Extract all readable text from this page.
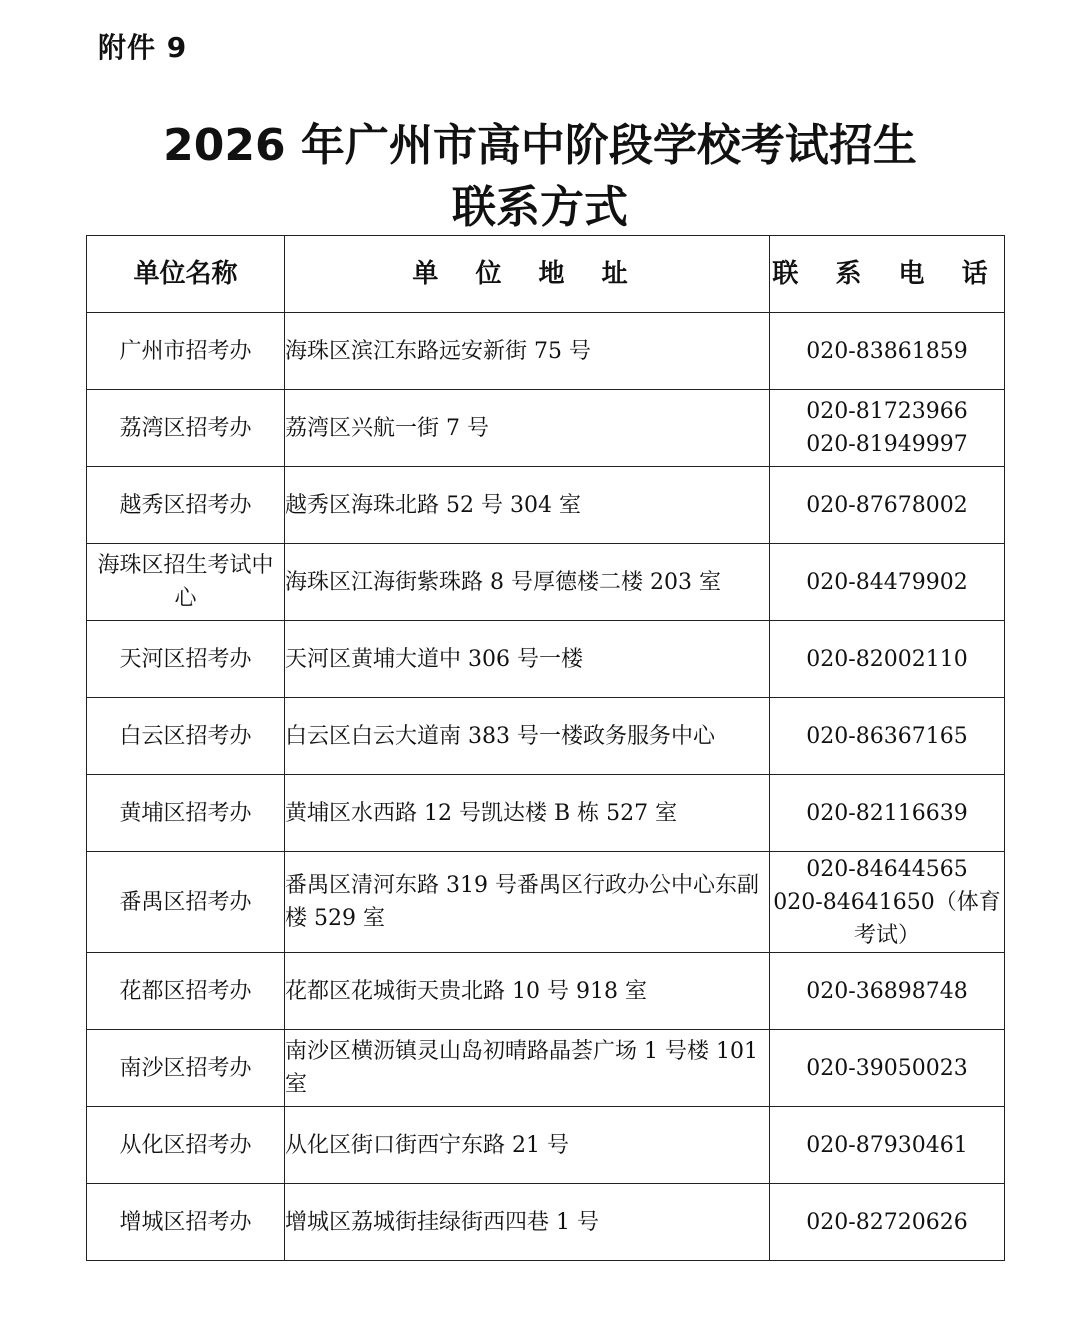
附件 9
2026 年广州市高中阶段学校考试招生
联系方式
单位名称	单 位 地 址	联 系 电 话
广州市招考办	海珠区滨江东路远安新街 75 号	020-83861859

荔湾区招考办	荔湾区兴航一街 7 号	020-81723966
020-81949997

越秀区招考办	越秀区海珠北路 52 号 304 室	020-87678002

海珠区招生考试中心	海珠区江海街紫珠路 8 号厚德楼二楼 203 室	020-84479902

天河区招考办	天河区黄埔大道中 306 号一楼	020-82002110

白云区招考办	白云区白云大道南 383 号一楼政务服务中心	020-86367165

黄埔区招考办	黄埔区水西路 12 号凯达楼 B 栋 527 室	020-82116639

番禺区招考办	番禺区清河东路 319 号番禺区行政办公中心东副楼 529 室	020-84644565
020-84641650（体育考试）

花都区招考办	花都区花城街天贵北路 10 号 918 室	020-36898748

南沙区招考办	南沙区横沥镇灵山岛初晴路晶荟广场 1 号楼 101 室	020-39050023

从化区招考办	从化区街口街西宁东路 21 号	020-87930461

增城区招考办	增城区荔城街挂绿街西四巷 1 号	020-82720626
